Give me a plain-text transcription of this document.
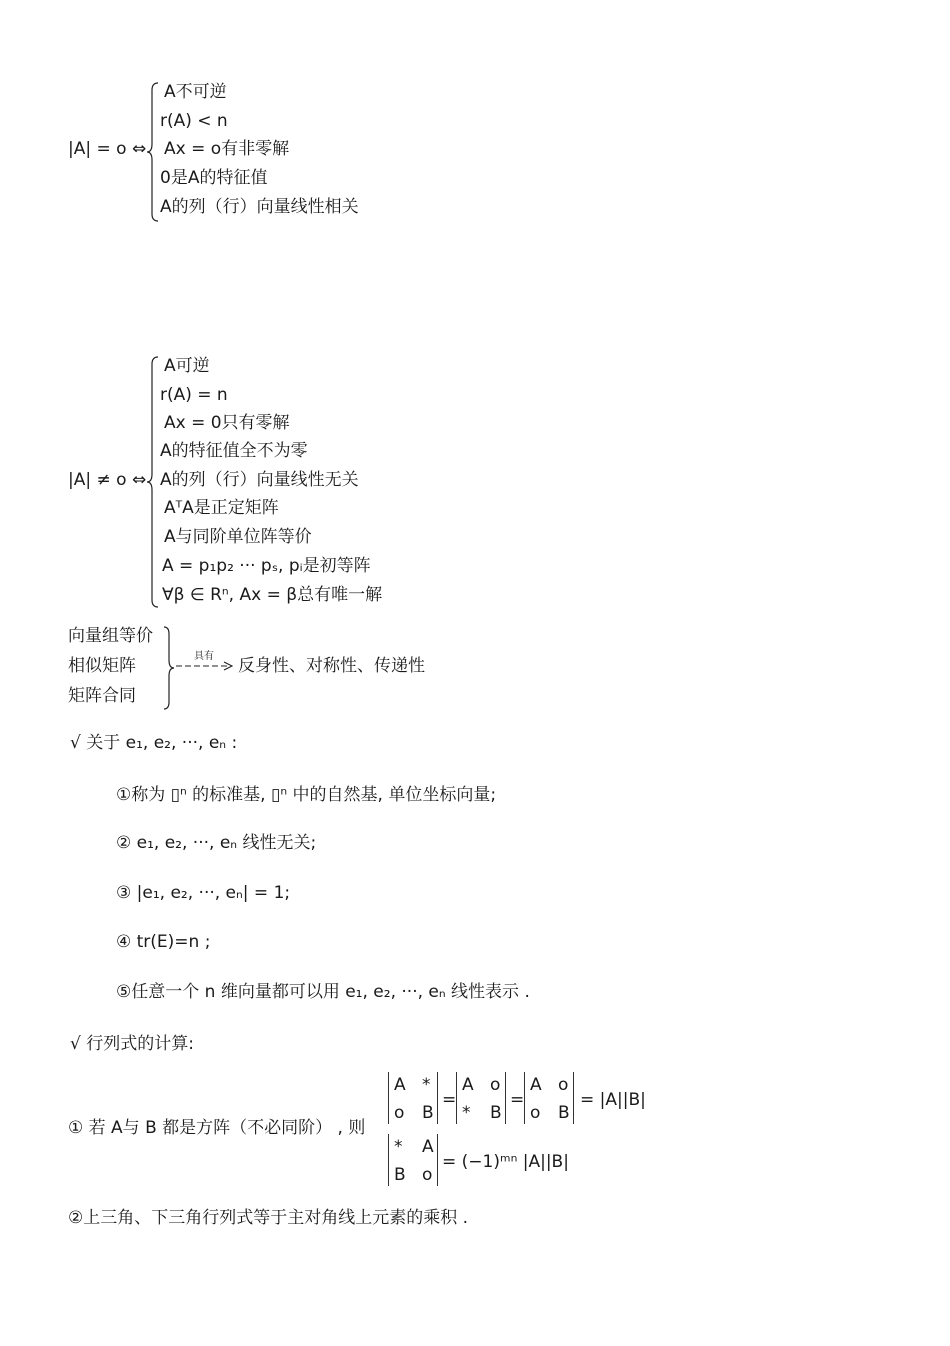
|A| = o ⇔
A不可逆
r(A) < n
Ax = o有非零解
0是A的特征值
A的列（行）向量线性相关
|A| ≠ o ⇔
A可逆
r(A) = n
Ax = 0只有零解
A的特征值全不为零
A的列（行）向量线性无关
AᵀA是正定矩阵
A与同阶单位阵等价
A = p₁p₂ ··· pₛ, pᵢ是初等阵
∀β ∈ Rⁿ, Ax = β总有唯一解
向量组等价
相似矩阵
矩阵合同
具有 反身性、对称性、传递性
√ 关于 e₁, e₂, ···, eₙ :
①称为 ▯ⁿ 的标准基, ▯ⁿ 中的自然基, 单位坐标向量;
② e₁, e₂, ···, eₙ 线性无关;
③ |e₁, e₂, ···, eₙ| = 1;
④ tr(E)=n ;
⑤任意一个 n 维向量都可以用 e₁, e₂, ···, eₙ 线性表示 .
√ 行列式的计算:
① 若 A与 B 都是方阵（不必同阶） , 则
A *
o B
=
A o
* B
=
A o
o B
= |A||B|
* A
B o
= (−1)ᵐⁿ |A||B|
②上三角、下三角行列式等于主对角线上元素的乘积 .
